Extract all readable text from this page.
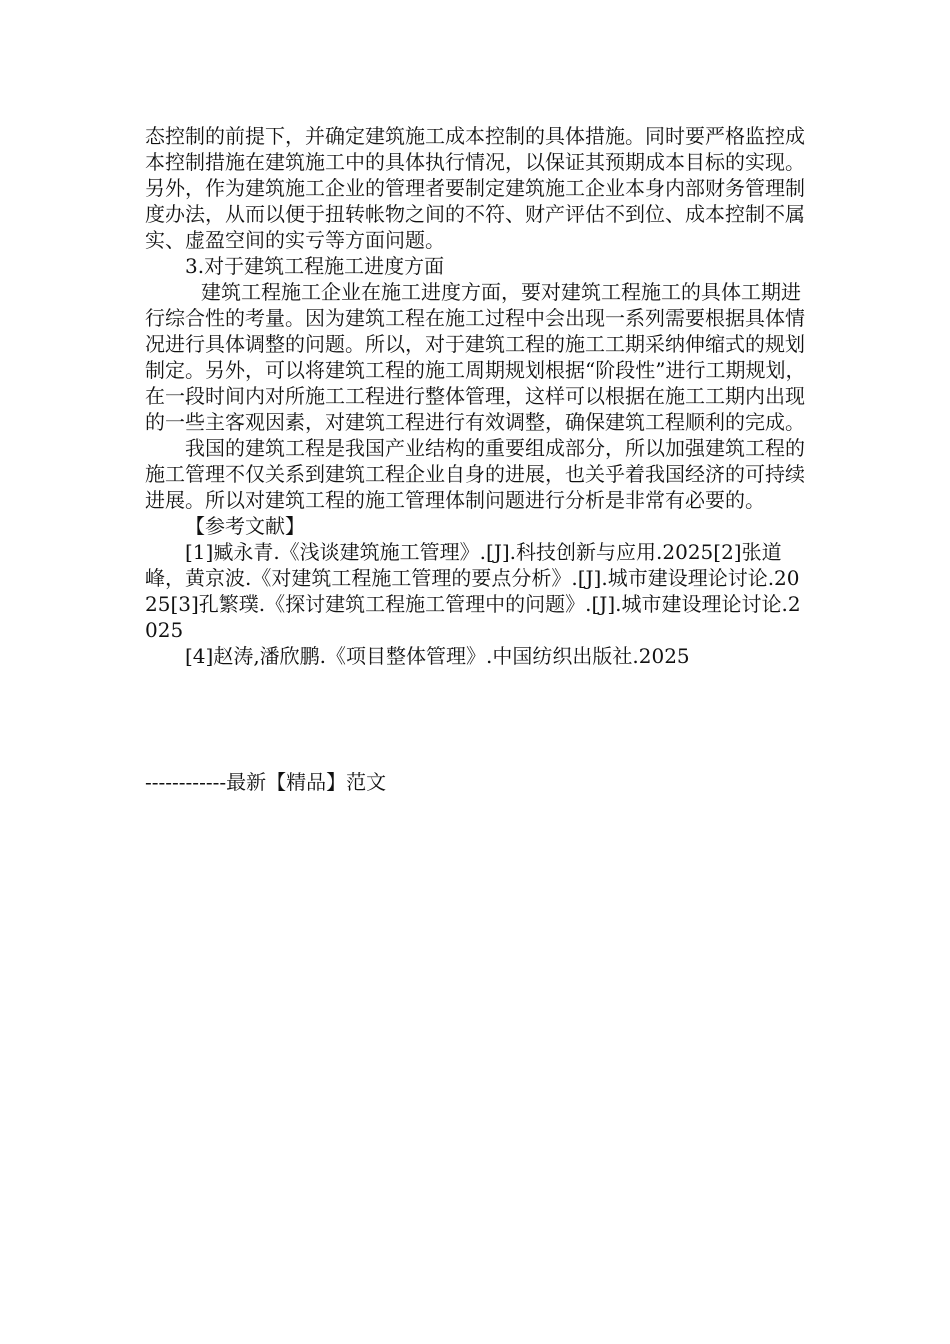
态控制的前提下，并确定建筑施工成本控制的具体措施。同时要严格监控成本控制措施在建筑施工中的具体执行情况，以保证其预期成本目标的实现。另外，作为建筑施工企业的管理者要制定建筑施工企业本身内部财务管理制度办法，从而以便于扭转帐物之间的不符、财产评估不到位、成本控制不属实、虚盈空间的实亏等方面问题。

3.对于建筑工程施工进度方面

建筑工程施工企业在施工进度方面，要对建筑工程施工的具体工期进行综合性的考量。因为建筑工程在施工过程中会出现一系列需要根据具体情况进行具体调整的问题。所以，对于建筑工程的施工工期采纳伸缩式的规划制定。另外，可以将建筑工程的施工周期规划根据“阶段性”进行工期规划，在一段时间内对所施工工程进行整体管理，这样可以根据在施工工期内出现的一些主客观因素，对建筑工程进行有效调整，确保建筑工程顺利的完成。

我国的建筑工程是我国产业结构的重要组成部分，所以加强建筑工程的施工管理不仅关系到建筑工程企业自身的进展，也关乎着我国经济的可持续进展。所以对建筑工程的施工管理体制问题进行分析是非常有必要的。

【参考文献】

[1]臧永青.《浅谈建筑施工管理》.[J].科技创新与应用.2025[2]张道峰，黄京波.《对建筑工程施工管理的要点分析》.[J].城市建设理论讨论.2025[3]孔繁璞.《探讨建筑工程施工管理中的问题》.[J].城市建设理论讨论.2025

[4]赵涛,潘欣鹏.《项目整体管理》.中国纺织出版社.2025

------------最新【精品】范文
